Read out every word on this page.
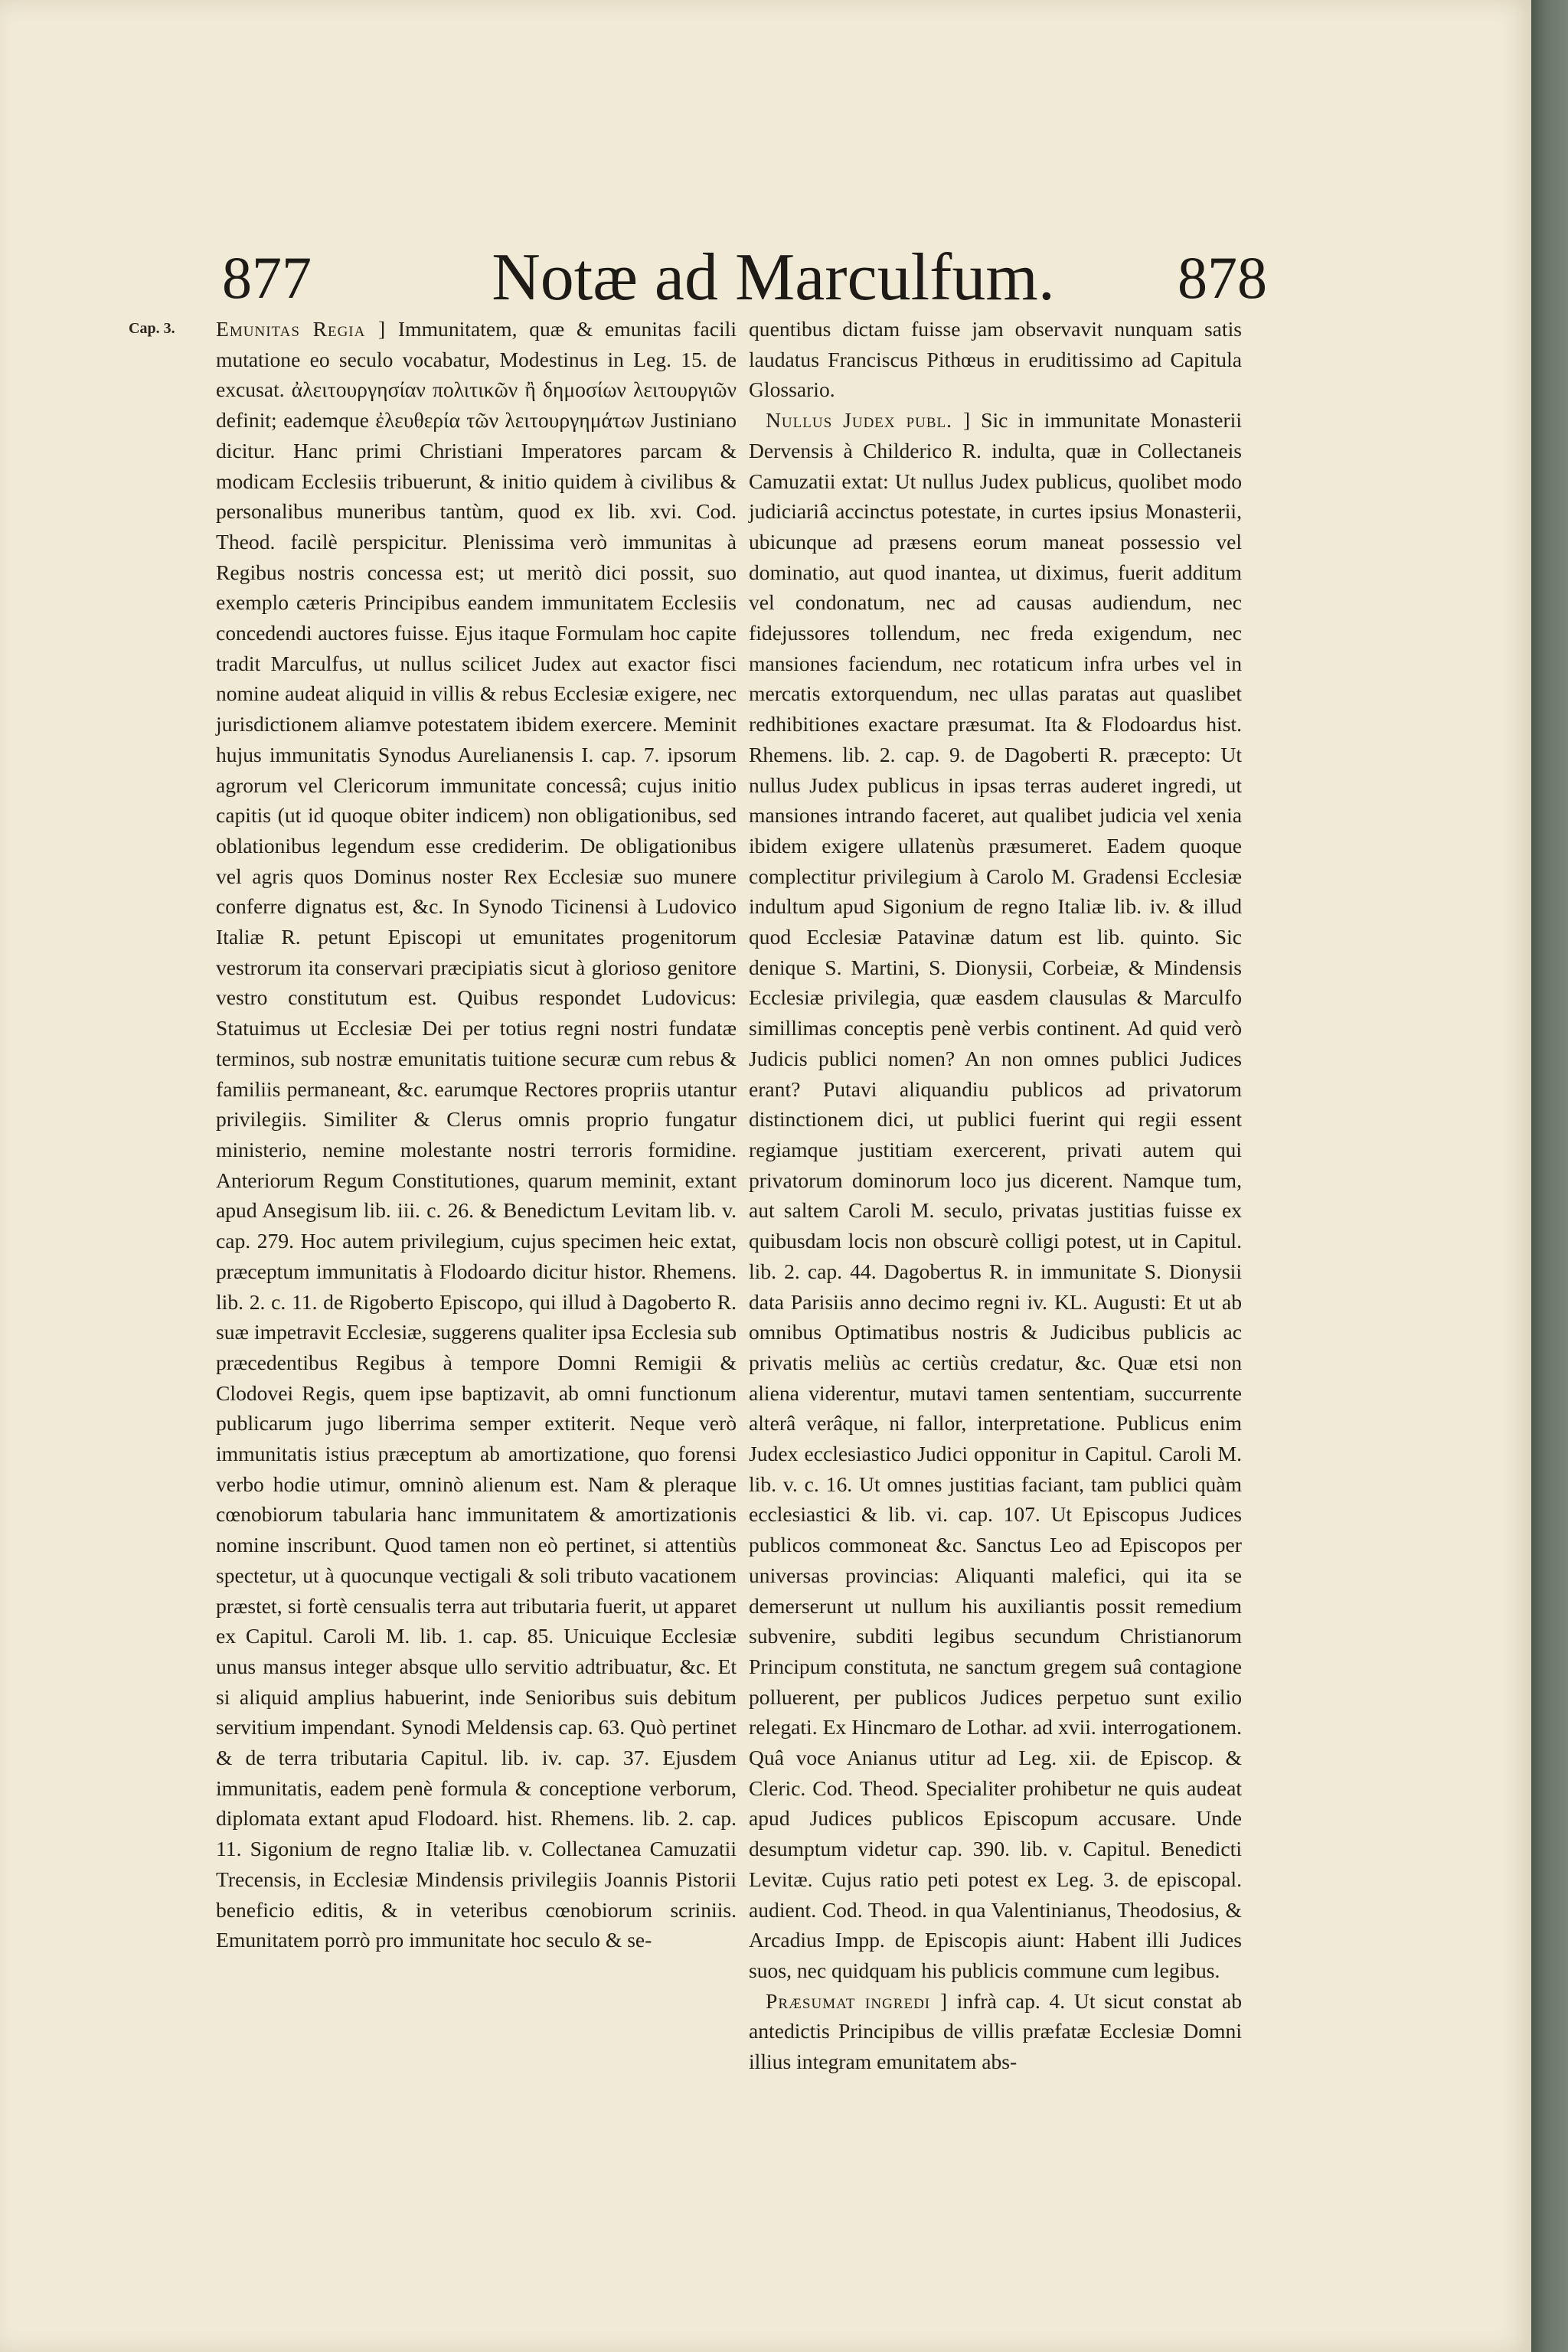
877	Notæ ad Marculfum.	878
Cap. 3. Emunitas Regia ] Immunitatem, quæ & emunitas facili mutatione eo seculo vocabatur, Modestinus in Leg. 15. de excusat. ἀλειτουργησίαν πολιτικῶν ἢ δημοσίων λειτουργιῶν definit; eademque ἐλευθερία τῶν λειτουργημάτων Justiniano dicitur. Hanc primi Christiani Imperatores parcam & modicam Ecclesiis tribuerunt, & initio quidem à civilibus & personalibus muneribus tantùm, quod ex lib. xvi. Cod. Theod. facilè perspicitur. Plenissima verò immunitas à Regibus nostris concessa est; ut meritò dici possit, suo exemplo cæteris Principibus eandem immunitatem Ecclesiis concedendi auctores fuisse. Ejus itaque Formulam hoc capite tradit Marculfus, ut nullus scilicet Judex aut exactor fisci nomine audeat aliquid in villis & rebus Ecclesiæ exigere, nec jurisdictionem aliamve potestatem ibidem exercere. Meminit hujus immunitatis Synodus Aurelianensis I. cap. 7. ipsorum agrorum vel Clericorum immunitate concessâ; cujus initio capitis (ut id quoque obiter indicem) non obligationibus, sed oblationibus legendum esse crediderim. De obligationibus vel agris quos Dominus noster Rex Ecclesiæ suo munere conferre dignatus est, &c. In Synodo Ticinensi à Ludovico Italiæ R. petunt Episcopi ut emunitates progenitorum vestrorum ita conservari præcipiatis sicut à glorioso genitore vestro constitutum est. Quibus respondet Ludovicus: Statuimus ut Ecclesiæ Dei per totius regni nostri fundatæ terminos, sub nostræ emunitatis tuitione securæ cum rebus & familiis permaneant, &c. earumque Rectores propriis utantur privilegiis. Similiter & Clerus omnis proprio fungatur ministerio, nemine molestante nostri terroris formidine. Anteriorum Regum Constitutiones, quarum meminit, extant apud Ansegisum lib. iii. c. 26. & Benedictum Levitam lib. v. cap. 279. Hoc autem privilegium, cujus specimen heic extat, præceptum immunitatis à Flodoardo dicitur histor. Rhemens. lib. 2. c. 11. de Rigoberto Episcopo, qui illud à Dagoberto R. suæ impetravit Ecclesiæ, suggerens qualiter ipsa Ecclesia sub præcedentibus Regibus à tempore Domni Remigii & Clodovei Regis, quem ipse baptizavit, ab omni functionum publicarum jugo liberrima semper extiterit. Neque verò immunitatis istius præceptum ab amortizatione, quo forensi verbo hodie utimur, omninò alienum est. Nam & pleraque cœnobiorum tabularia hanc immunitatem & amortizationis nomine inscribunt. Quod tamen non eò pertinet, si attentiùs spectetur, ut à quocunque vectigali & soli tributo vacationem præstet, si fortè censualis terra aut tributaria fuerit, ut apparet ex Capitul. Caroli M. lib. 1. cap. 85. Unicuique Ecclesiæ unus mansus integer absque ullo servitio adtribuatur, &c. Et si aliquid amplius habuerint, inde Senioribus suis debitum servitium impendant. Synodi Meldensis cap. 63. Quò pertinet & de terra tributaria Capitul. lib. iv. cap. 37. Ejusdem immunitatis, eadem penè formula & conceptione verborum, diplomata extant apud Flodoard. hist. Rhemens. lib. 2. cap. 11. Sigonium de regno Italiæ lib. v. Collectanea Camuzatii Trecensis, in Ecclesiæ Mindensis privilegiis Joannis Pistorii beneficio editis, & in veteribus cœnobiorum scriniis. Emunitatem porrò pro immunitate hoc seculo & se-

quentibus dictam fuisse jam observavit nunquam satis laudatus Franciscus Pithœus in eruditissimo ad Capitula Glossario.

Nullus Judex publ. ] Sic in immunitate Monasterii Dervensis à Childerico R. indulta, quæ in Collectaneis Camuzatii extat: Ut nullus Judex publicus, quolibet modo judiciariâ accinctus potestate, in curtes ipsius Monasterii, ubicunque ad præsens eorum maneat possessio vel dominatio, aut quod inantea, ut diximus, fuerit additum vel condonatum, nec ad causas audiendum, nec fidejussores tollendum, nec freda exigendum, nec mansiones faciendum, nec rotaticum infra urbes vel in mercatis extorquendum, nec ullas paratas aut quaslibet redhibitiones exactare præsumat. Ita & Flodoardus hist. Rhemens. lib. 2. cap. 9. de Dagoberti R. præcepto: Ut nullus Judex publicus in ipsas terras auderet ingredi, ut mansiones intrando faceret, aut qualibet judicia vel xenia ibidem exigere ullatenùs præsumeret. Eadem quoque complectitur privilegium à Carolo M. Gradensi Ecclesiæ indultum apud Sigonium de regno Italiæ lib. iv. & illud quod Ecclesiæ Patavinæ datum est lib. quinto. Sic denique S. Martini, S. Dionysii, Corbeiæ, & Mindensis Ecclesiæ privilegia, quæ easdem clausulas & Marculfo simillimas conceptis penè verbis continent. Ad quid verò Judicis publici nomen? An non omnes publici Judices erant? Putavi aliquandiu publicos ad privatorum distinctionem dici, ut publici fuerint qui regii essent regiamque justitiam exercerent, privati autem qui privatorum dominorum loco jus dicerent. Namque tum, aut saltem Caroli M. seculo, privatas justitias fuisse ex quibusdam locis non obscurè colligi potest, ut in Capitul. lib. 2. cap. 44. Dagobertus R. in immunitate S. Dionysii data Parisiis anno decimo regni iv. KL. Augusti: Et ut ab omnibus Optimatibus nostris & Judicibus publicis ac privatis meliùs ac certiùs credatur, &c. Quæ etsi non aliena viderentur, mutavi tamen sententiam, succurrente alterâ verâque, ni fallor, interpretatione. Publicus enim Judex ecclesiastico Judici opponitur in Capitul. Caroli M. lib. v. c. 16. Ut omnes justitias faciant, tam publici quàm ecclesiastici & lib. vi. cap. 107. Ut Episcopus Judices publicos commoneat &c. Sanctus Leo ad Episcopos per universas provincias: Aliquanti malefici, qui ita se demerserunt ut nullum his auxiliantis possit remedium subvenire, subditi legibus secundum Christianorum Principum constituta, ne sanctum gregem suâ contagione polluerent, per publicos Judices perpetuo sunt exilio relegati. Ex Hincmaro de Lothar. ad xvii. interrogationem. Quâ voce Anianus utitur ad Leg. xii. de Episcop. & Cleric. Cod. Theod. Specialiter prohibetur ne quis audeat apud Judices publicos Episcopum accusare. Unde desumptum videtur cap. 390. lib. v. Capitul. Benedicti Levitæ. Cujus ratio peti potest ex Leg. 3. de episcopal. audient. Cod. Theod. in qua Valentinianus, Theodosius, & Arcadius Impp. de Episcopis aiunt: Habent illi Judices suos, nec quidquam his publicis commune cum legibus.

Præsumat ingredi ] infrà cap. 4. Ut sicut constat ab antedictis Principibus de villis præfatæ Ecclesiæ Domni illius integram emunitatem abs-
